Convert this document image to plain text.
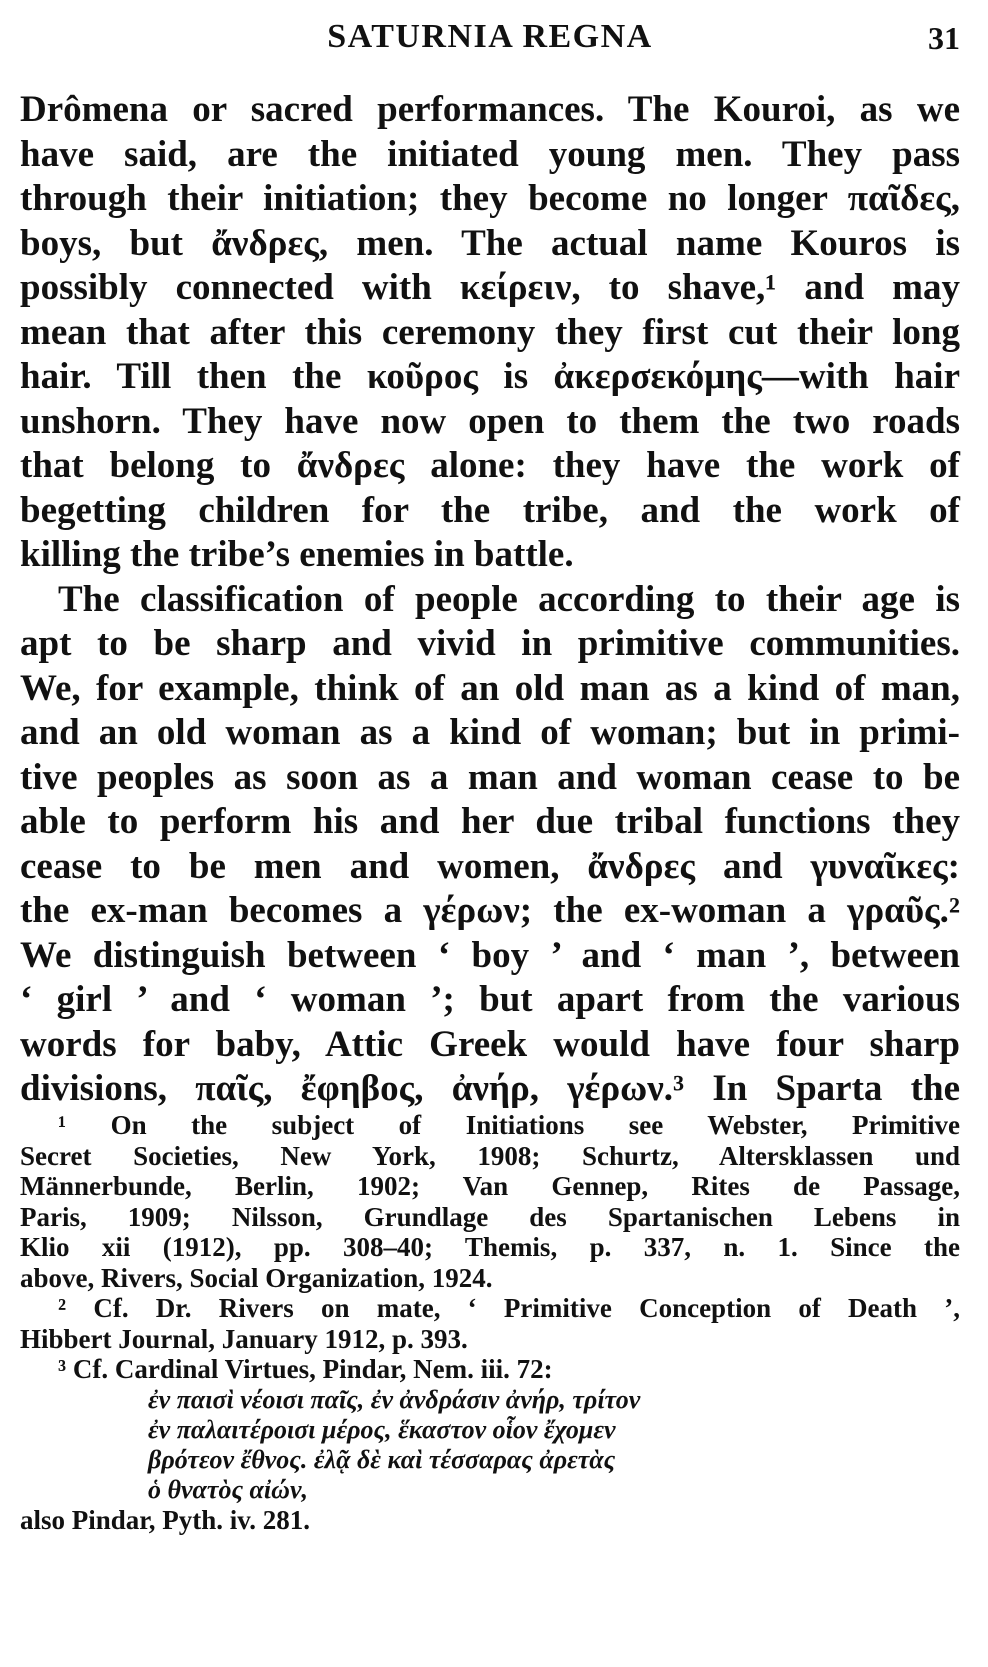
SATURNIA REGNA	31
Drômena or sacred performances. The Kouroi, as we
have said, are the initiated young men. They pass
through their initiation; they become no longer παῖδες,
boys, but ἄνδρες, men. The actual name Kouros is
possibly connected with κείρειν, to shave,¹ and may
mean that after this ceremony they first cut their long
hair. Till then the κοῦρος is ἀκερσεκόμης—with hair
unshorn. They have now open to them the two roads
that belong to ἄνδρες alone: they have the work of
begetting children for the tribe, and the work of
killing the tribe’s enemies in battle.
The classification of people according to their age is
apt to be sharp and vivid in primitive communities.
We, for example, think of an old man as a kind of man,
and an old woman as a kind of woman; but in primi-
tive peoples as soon as a man and woman cease to be
able to perform his and her due tribal functions they
cease to be men and women, ἄνδρες and γυναῖκες:
the ex-man becomes a γέρων; the ex-woman a γραῦς.²
We distinguish between ‘ boy ’ and ‘ man ’, between
‘ girl ’ and ‘ woman ’; but apart from the various
words for baby, Attic Greek would have four sharp
divisions, παῖς, ἔφηβος, ἀνήρ, γέρων.³ In Sparta the
¹ On the subject of Initiations see Webster, Primitive
Secret Societies, New York, 1908; Schurtz, Altersklassen und
Männerbunde, Berlin, 1902; Van Gennep, Rites de Passage,
Paris, 1909; Nilsson, Grundlage des Spartanischen Lebens in
Klio xii (1912), pp. 308–40; Themis, p. 337, n. 1. Since the
above, Rivers, Social Organization, 1924.
² Cf. Dr. Rivers on mate, ‘ Primitive Conception of Death ’,
Hibbert Journal, January 1912, p. 393.
³ Cf. Cardinal Virtues, Pindar, Nem. iii. 72:
ἐν παισὶ νέοισι παῖς, ἐν ἀνδράσιν ἀνήρ, τρίτον
ἐν παλαιτέροισι μέρος, ἕκαστον οἷον ἔχομεν
βρότεον ἔθνος. ἐλᾷ δὲ καὶ τέσσαρας ἀρετὰς
ὁ θνατὸς αἰών,
also Pindar, Pyth. iv. 281.
